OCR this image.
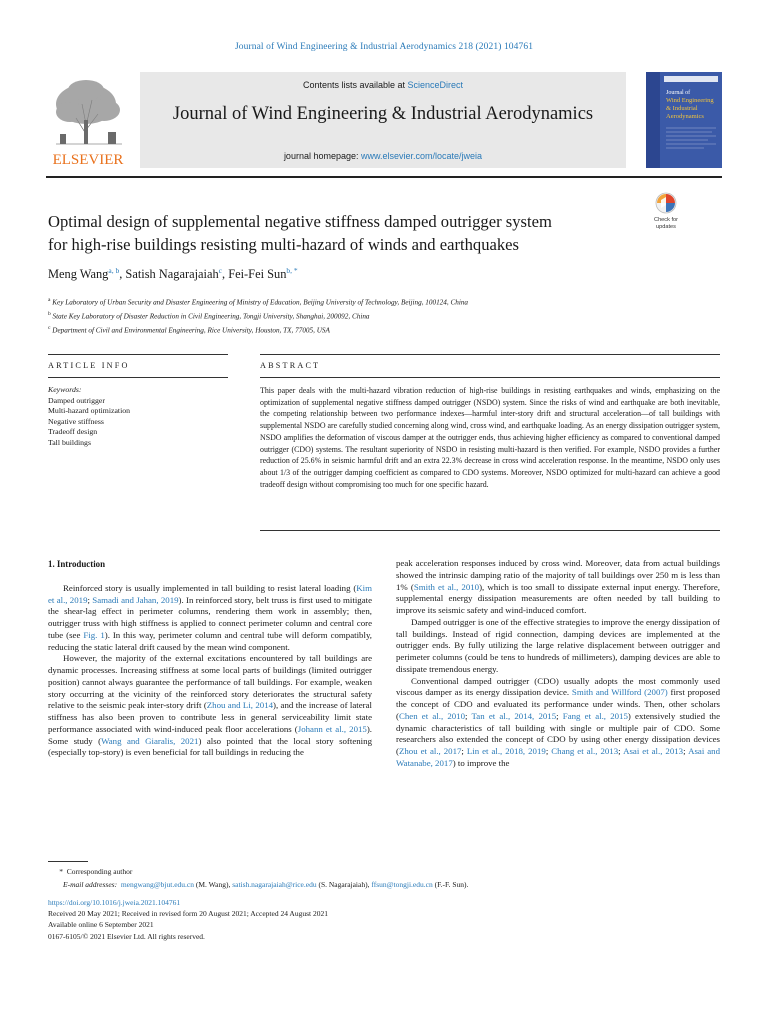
Journal of Wind Engineering & Industrial Aerodynamics 218 (2021) 104761
ELSEVIER
Contents lists available at ScienceDirect
Journal of Wind Engineering & Industrial Aerodynamics
journal homepage: www.elsevier.com/locate/jweia
Journal of
Wind Engineering
& Industrial
Aerodynamics
Optimal design of supplemental negative stiffness damped outrigger system
for high-rise buildings resisting multi-hazard of winds and earthquakes
Check for
updates
Meng Wang$^{a, b}$, Satish Nagarajaiah$^c$, Fei-Fei Sun$^{b, *}$
$^a$ Key Laboratory of Urban Security and Disaster Engineering of Ministry of Education, Beijing University of Technology, Beijing, 100124, China
$^b$ State Key Laboratory of Disaster Reduction in Civil Engineering, Tongji University, Shanghai, 200092, China
$^c$ Department of Civil and Environmental Engineering, Rice University, Houston, TX, 77005, USA
ARTICLE INFO
Keywords:
Damped outrigger
Multi-hazard optimization
Negative stiffness
Tradeoff design
Tall buildings
ABSTRACT
This paper deals with the multi-hazard vibration reduction of high-rise buildings in resisting earthquakes and winds, emphasizing on the optimization of supplemental negative stiffness damped outrigger (NSDO) system. Since the risks of wind and earthquake are both inevitable, the competing relationship between two performance indexes—harmful inter-story drift and structural acceleration—of tall buildings with supplemental NSDO are carefully studied concerning along wind, cross wind, and earthquake loading. As an energy dissipation outrigger system, NSDO amplifies the deformation of viscous damper at the outrigger ends, thus achieving higher efficiency as compared to conventional damped outrigger (CDO) systems. The resultant superiority of NSDO in resisting multi-hazard is then verified. For example, NSDO provides a further reduction of 25.6% in seismic harmful drift and an extra 22.3% decrease in cross wind acceleration response. In the meantime, NSDO only uses about 1/3 of the outrigger damping coefficient as compared to CDO systems. Moreover, NSDO optimized for multi-hazard can achieve a good tradeoff design without compromising too much for one specific hazard.
1. Introduction

Reinforced story is usually implemented in tall building to resist lateral loading (Kim et al., 2019; Samadi and Jahan, 2019). In reinforced story, belt truss is first used to mitigate the shear-lag effect in perimeter columns, rendering them work in assembly; then, outrigger truss with high stiffness is applied to connect perimeter column and central core tube (see Fig. 1). In this way, perimeter column and central tube will deform compatibly, reducing the static lateral drift caused by the mean wind component.

However, the majority of the external excitations encountered by tall buildings are dynamic processes. Increasing stiffness at some local parts of buildings (limited outrigger position) cannot always guarantee the performance of tall buildings. For example, weaken story occurring at the vicinity of the reinforced story deteriorates the structural safety relative to the seismic peak inter-story drift (Zhou and Li, 2014), and the increase of lateral stiffness has also been proven to contribute less in general serviceability limit state performance associated with wind-induced peak floor accelerations (Johann et al., 2015). Some study (Wang and Giaralis, 2021) also pointed that the local story softening (especially top-story) is even beneficial for tall buildings in reducing the

peak acceleration responses induced by cross wind. Moreover, data from actual buildings showed the intrinsic damping ratio of the majority of tall buildings over 250 m is less than 1% (Smith et al., 2010), which is too small to dissipate external input energy. Therefore, supplemental energy dissipation measurements are often needed by tall building to improve its seismic safety and wind-induced comfort.

Damped outrigger is one of the effective strategies to improve the energy dissipation of tall buildings. Instead of rigid connection, damping devices are implemented at the outrigger ends. By fully utilizing the large relative displacement between outrigger and perimeter columns (could be tens to hundreds of millimeters), damping devices are able to dissipate tremendous energy.

Conventional damped outrigger (CDO) usually adopts the most commonly used viscous damper as its energy dissipation device. Smith and Willford (2007) first proposed the concept of CDO and evaluated its performance under winds. Then, other scholars (Chen et al., 2010; Tan et al., 2014, 2015; Fang et al., 2015) extensively studied the dynamic characteristics of tall building with single or multiple pair of CDO. Some researchers also extended the concept of CDO by using other energy dissipation devices (Zhou et al., 2017; Lin et al., 2018, 2019; Chang et al., 2013; Asai et al., 2013; Asai and Watanabe, 2017) to improve the

* Corresponding author
E-mail addresses: mengwang@bjut.edu.cn (M. Wang), satish.nagarajaiah@rice.edu (S. Nagarajaiah), ffsun@tongji.edu.cn (F.-F. Sun).
https://doi.org/10.1016/j.jweia.2021.104761
Received 20 May 2021; Received in revised form 20 August 2021; Accepted 24 August 2021
Available online 6 September 2021
0167-6105/© 2021 Elsevier Ltd. All rights reserved.
